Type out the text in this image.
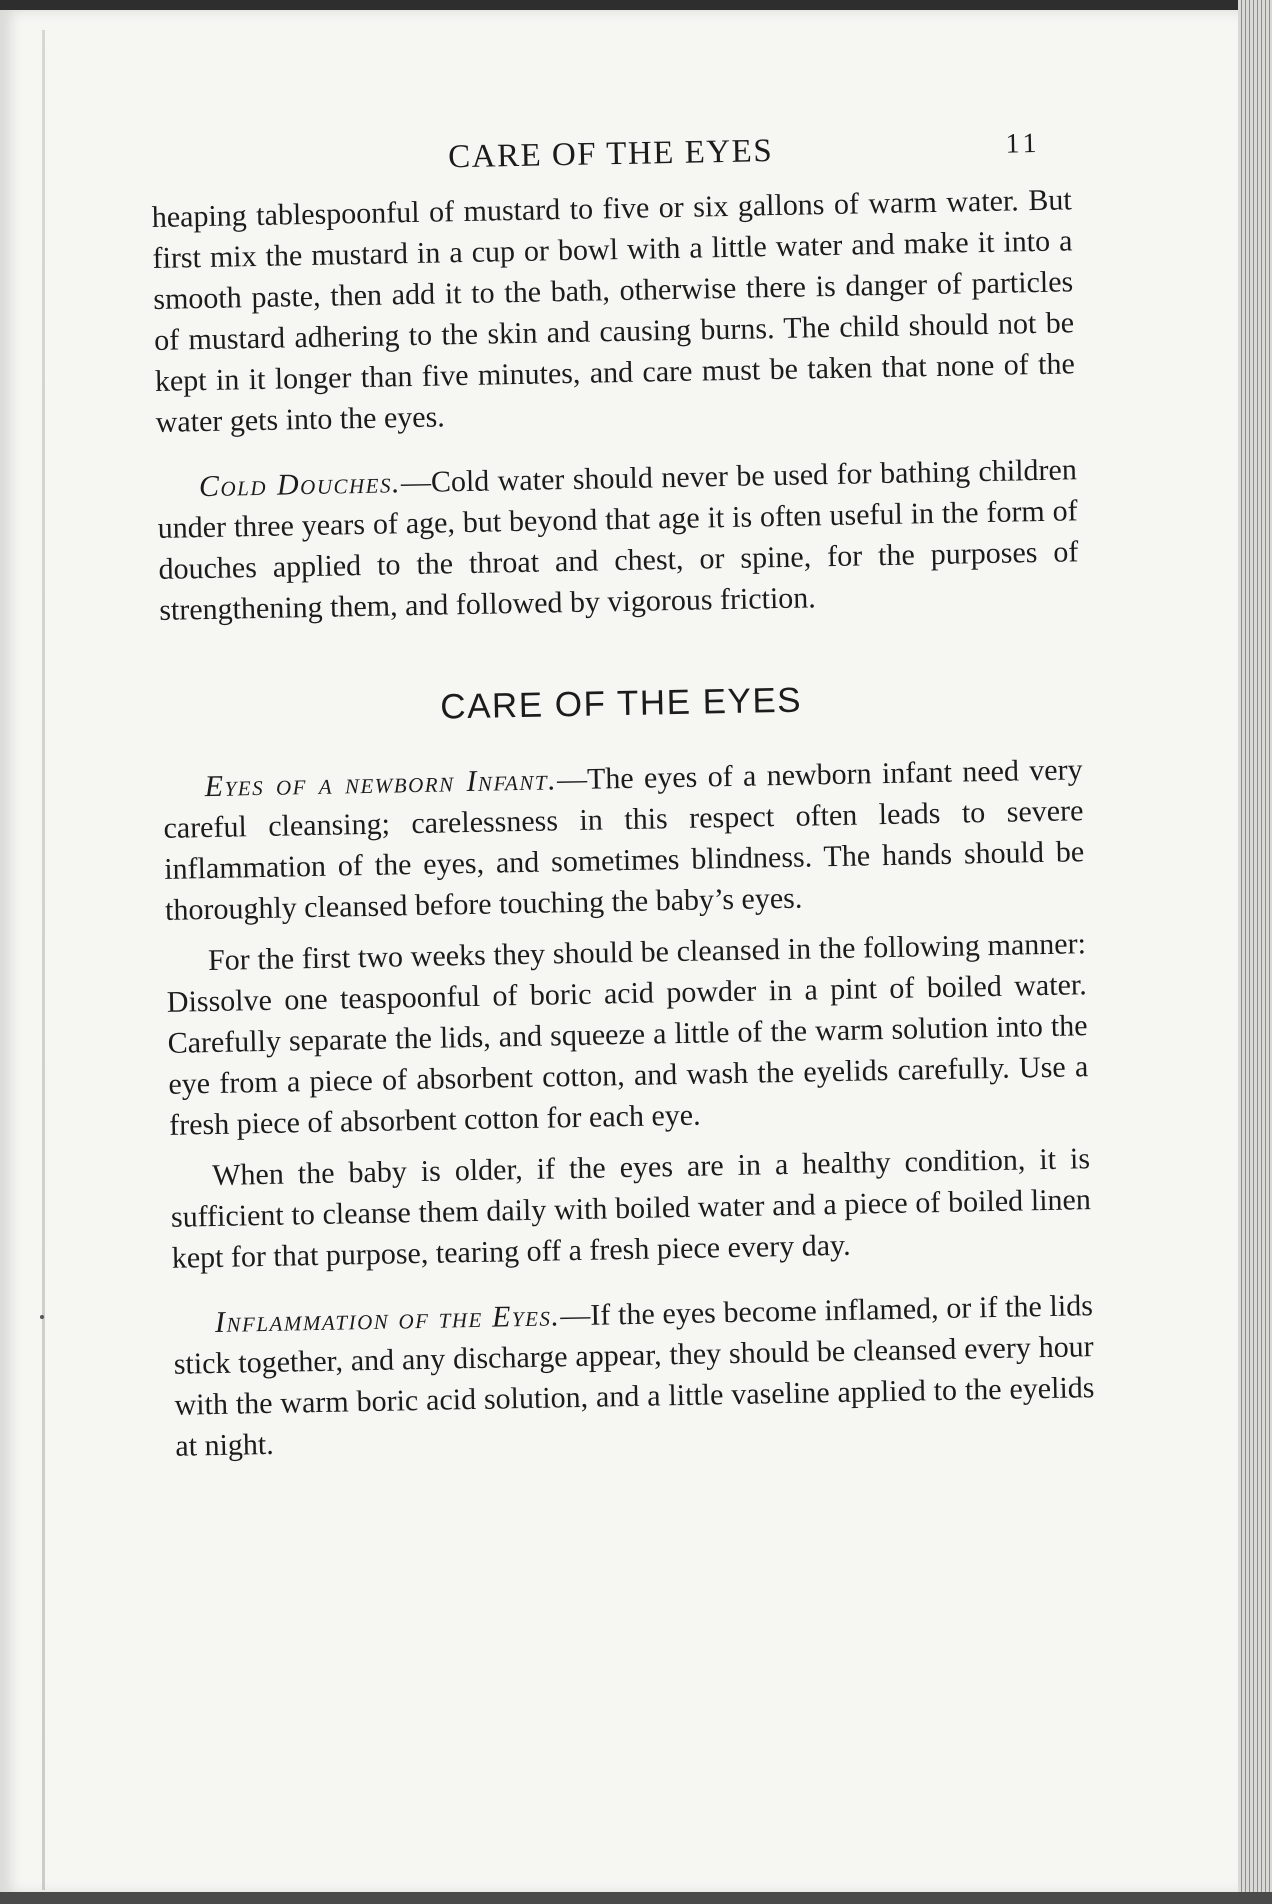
CARE OF THE EYES	11

heaping tablespoonful of mustard to five or six gallons of warm water. But first mix the mustard in a cup or bowl with a little water and make it into a smooth paste, then add it to the bath, otherwise there is danger of particles of mustard adhering to the skin and causing burns. The child should not be kept in it longer than five minutes, and care must be taken that none of the water gets into the eyes.

Cold Douches.—Cold water should never be used for bathing children under three years of age, but beyond that age it is often useful in the form of douches applied to the throat and chest, or spine, for the purposes of strengthening them, and followed by vigorous friction.

CARE OF THE EYES

Eyes of a newborn Infant.—The eyes of a newborn infant need very careful cleansing; carelessness in this respect often leads to severe inflammation of the eyes, and sometimes blindness. The hands should be thoroughly cleansed before touching the baby’s eyes.

For the first two weeks they should be cleansed in the following manner: Dissolve one teaspoonful of boric acid powder in a pint of boiled water. Carefully separate the lids, and squeeze a little of the warm solution into the eye from a piece of absorbent cotton, and wash the eyelids carefully. Use a fresh piece of absorbent cotton for each eye.

When the baby is older, if the eyes are in a healthy condition, it is sufficient to cleanse them daily with boiled water and a piece of boiled linen kept for that purpose, tearing off a fresh piece every day.

Inflammation of the Eyes.—If the eyes become inflamed, or if the lids stick together, and any discharge appear, they should be cleansed every hour with the warm boric acid solution, and a little vaseline applied to the eyelids at night.
